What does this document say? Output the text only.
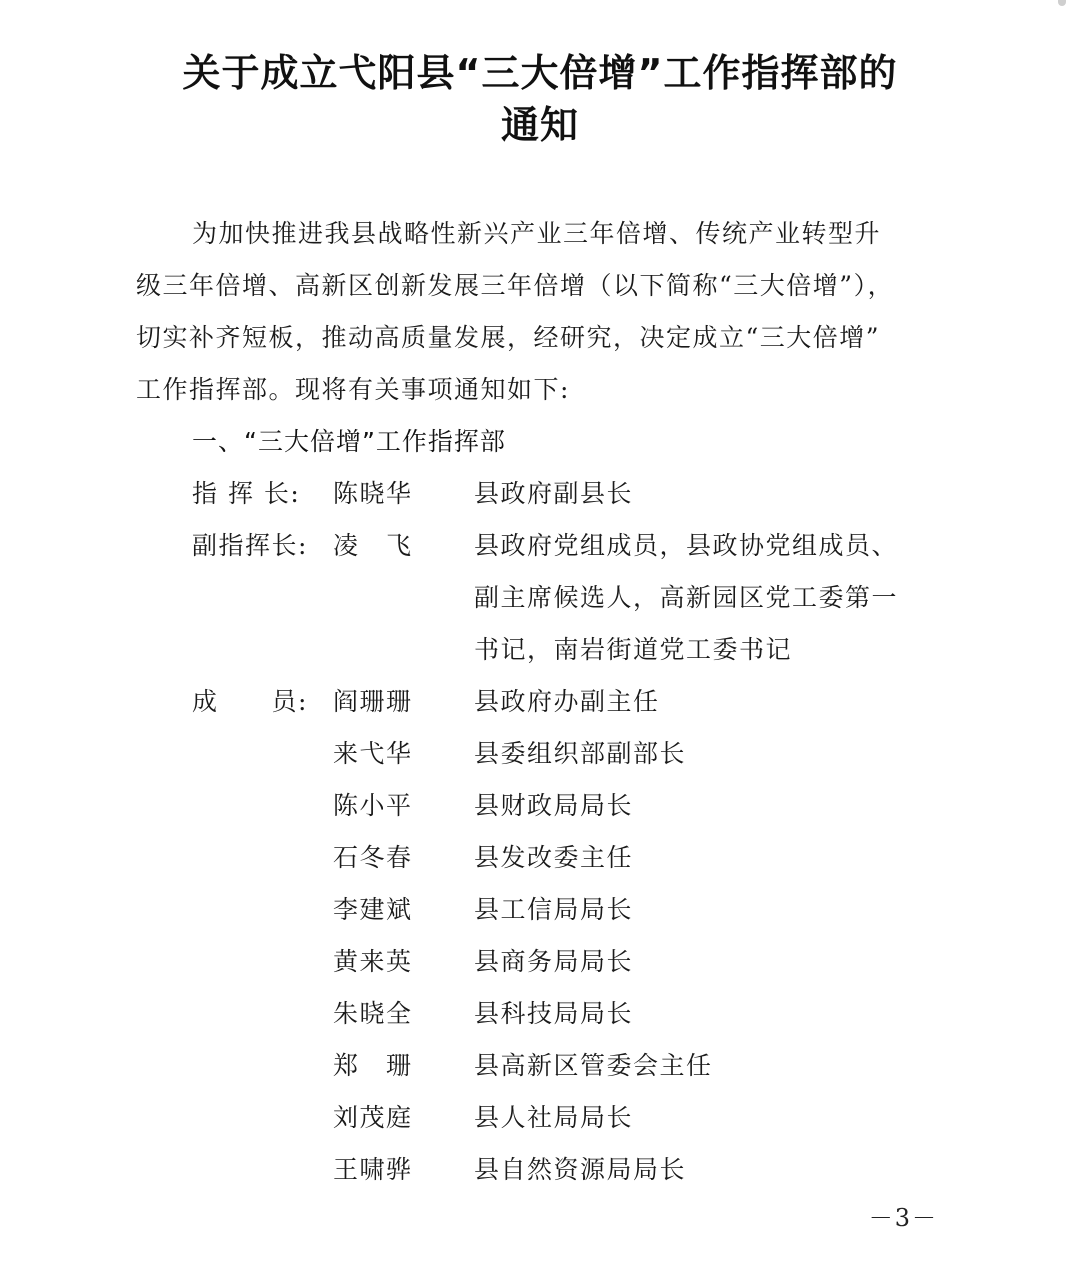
关于成立弋阳县“三大倍增”工作指挥部的
通知
为加快推进我县战略性新兴产业三年倍增、传统产业转型升
级三年倍增、高新区创新发展三年倍增（以下简称“三大倍增”），
切实补齐短板，推动高质量发展，经研究，决定成立“三大倍增”
工作指挥部。现将有关事项通知如下:
一、“三大倍增”工作指挥部
指 挥 长:	陈晓华	县政府副县长
副指挥长:	凌　飞	县政府党组成员，县政协党组成员、
副主席候选人，高新园区党工委第一
书记，南岩街道党工委书记
成　　员:	阎珊珊	县政府办副主任
来弋华	县委组织部副部长
陈小平	县财政局局长
石冬春	县发改委主任
李建斌	县工信局局长
黄来英	县商务局局长
朱晓全	县科技局局长
郑　珊	县高新区管委会主任
刘茂庭	县人社局局长
王啸骅	县自然资源局局长
－3－
